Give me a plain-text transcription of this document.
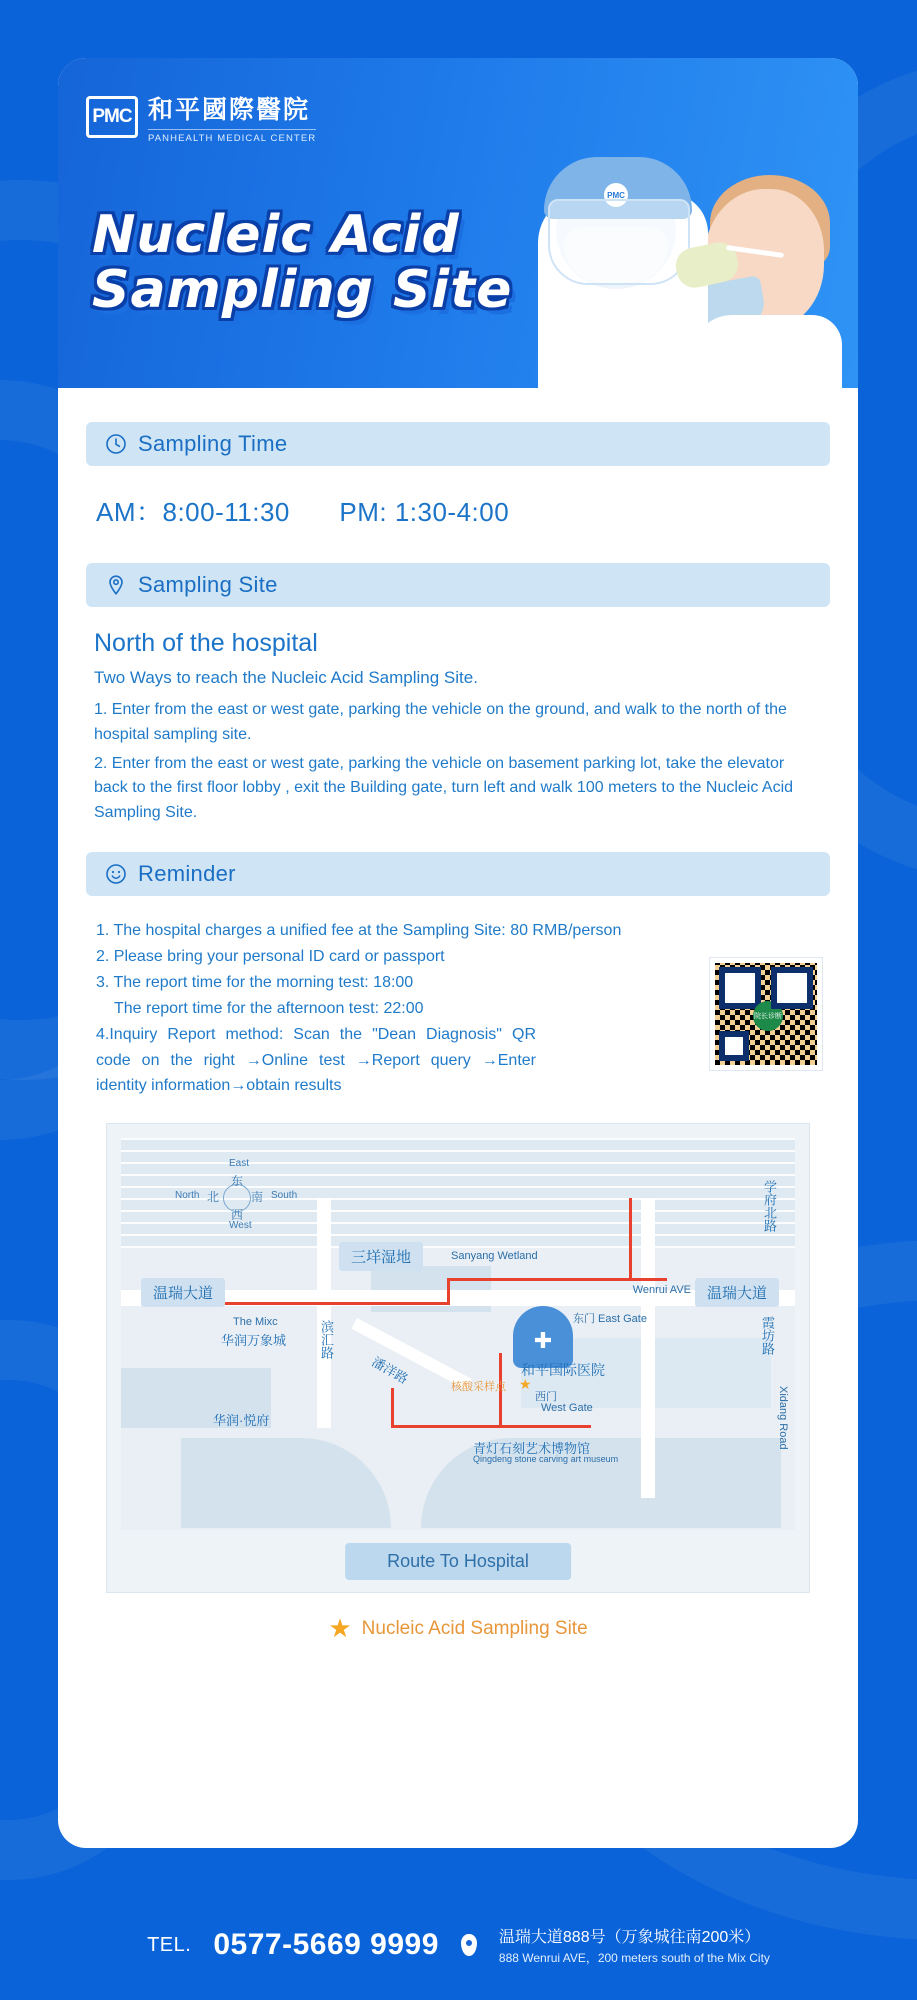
PMC 和平國際醫院
PANHEALTH MEDICAL CENTER
PMC
Nucleic Acid
Sampling Site
Sampling Time
AM：8:00-11:30 PM: 1:30-4:00
Sampling Site
North of the hospital
Two Ways to reach the Nucleic Acid Sampling Site.
1. Enter from the east or west gate, parking the vehicle on the ground, and walk to the north of the hospital sampling site.
2. Enter from the east or west gate, parking the vehicle on basement parking lot, take the elevator back to the first floor lobby , exit the Building gate, turn left and walk 100 meters to the Nucleic Acid Sampling Site.
Reminder

1. The hospital charges a unified fee at the Sampling Site: 80 RMB/person

2. Please bring your personal ID card or passport

3. The report time for the morning test: 18:00

The report time for the afternoon test: 22:00

4.Inquiry Report method: Scan the "Dean Diagnosis" QR code on the right →Online test →Report query →Enter identity information→obtain results

院长诊断
East
东
North 北	南 South
西
West
温瑞大道	温瑞大道
Wenrui AVE
三垟湿地	Sanyang Wetland
The Mixc
华润万象城
华润·悦府
✚
和平国际医院
核酸采样点 ★
东门 East Gate
西门
West Gate
青灯石刻艺术博物馆
Qingdeng stone carving art museum
学府北路
霞坊路
Xidang Road
滨汇路
潘洋路
Route To Hospital
★ Nucleic Acid Sampling Site
TEL. 0577-5669 9999	温瑞大道888号（万象城往南200米）
888 Wenrui AVE，200 meters south of the Mix City
